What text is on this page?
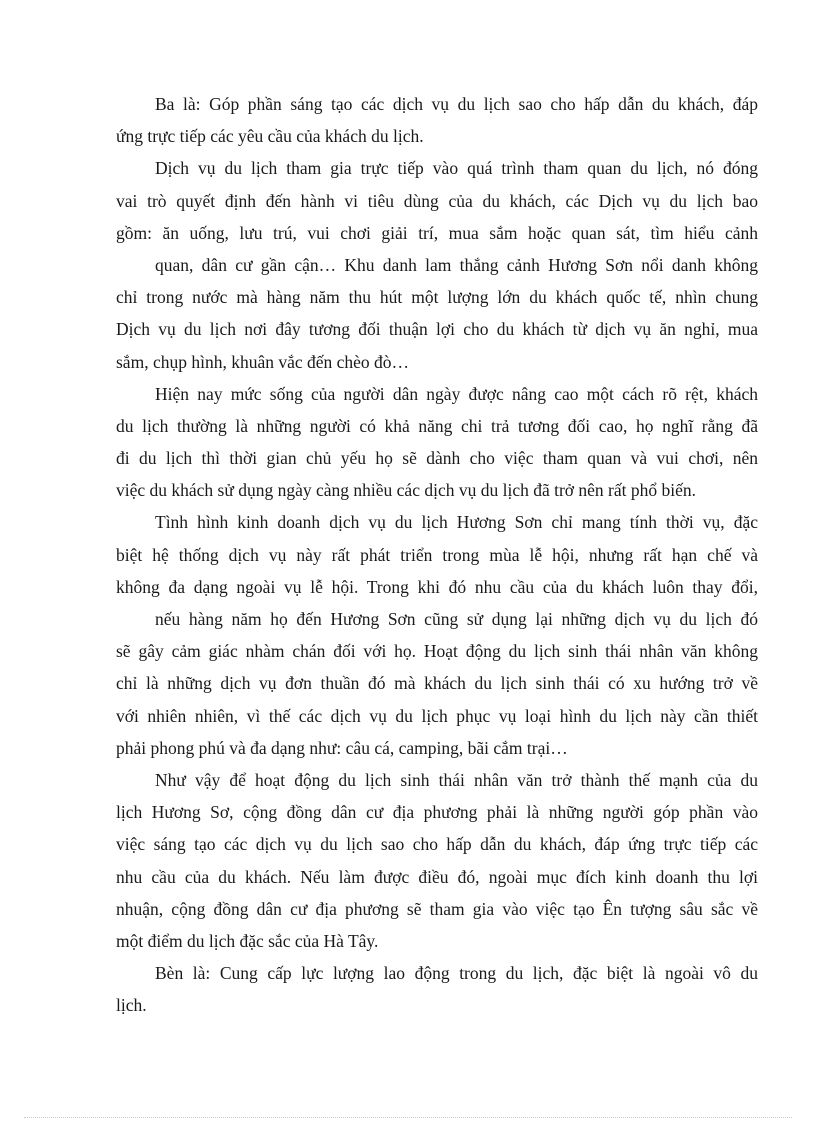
Ba là: Góp phần sáng tạo các dịch vụ du lịch sao cho hấp dẫn du khách, đáp
ứng trực tiếp các yêu cầu của khách du lịch.
Dịch vụ du lịch tham gia trực tiếp vào quá trình tham quan du lịch, nó đóng
vai trò quyết định đến hành vi tiêu dùng của du khách, các Dịch vụ du lịch bao
gồm: ăn uống, lưu trú, vui chơi giải trí, mua sắm hoặc quan sát, tìm hiểu cảnh
quan, dân cư gần cận… Khu danh lam thắng cảnh Hương Sơn nổi danh không
chỉ trong nước mà hàng năm thu hút một lượng lớn du khách quốc tế, nhìn chung
Dịch vụ du lịch nơi đây tương đối thuận lợi cho du khách từ dịch vụ ăn nghỉ, mua
sắm, chụp hình, khuân vắc đến chèo đò…
Hiện nay mức sống của người dân ngày được nâng cao một cách rõ rệt, khách
du lịch thường là những người có khả năng chi trả tương đối cao, họ nghĩ rằng đã
đi du lịch thì thời gian chủ yếu họ sẽ dành cho việc tham quan và vui chơi, nên
việc du khách sử dụng ngày càng nhiều các dịch vụ du lịch đã trở nên rất phổ biến.
Tình hình kinh doanh dịch vụ du lịch Hương Sơn chỉ mang tính thời vụ, đặc
biệt hệ thống dịch vụ này rất phát triển trong mùa lễ hội, nhưng rất hạn chế và
không đa dạng ngoài vụ lễ hội. Trong khi đó nhu cầu của du khách luôn thay đổi,
nếu hàng năm họ đến Hương Sơn cũng sử dụng lại những dịch vụ du lịch đó
sẽ gây cảm giác nhàm chán đối với họ. Hoạt động du lịch sinh thái nhân văn không
chỉ là những dịch vụ đơn thuần đó mà khách du lịch sinh thái có xu hướng trở về
với nhiên nhiên, vì thế các dịch vụ du lịch phục vụ loại hình du lịch này cần thiết
phải phong phú và đa dạng như: câu cá, camping, bãi cắm trại…
Như vậy để hoạt động du lịch sinh thái nhân văn trở thành thế mạnh của du
lịch Hương Sơ, cộng đồng dân cư địa phương phải là những người góp phần vào
việc sáng tạo các dịch vụ du lịch sao cho hấp dẫn du khách, đáp ứng trực tiếp các
nhu cầu của du khách. Nếu làm được điều đó, ngoài mục đích kinh doanh thu lợi
nhuận, cộng đồng dân cư địa phương sẽ tham gia vào việc tạo Ên tượng sâu sắc về
một điểm du lịch đặc sắc của Hà Tây.
Bèn là: Cung cấp lực lượng lao động trong du lịch, đặc biệt là ngoài vô du
lịch.
